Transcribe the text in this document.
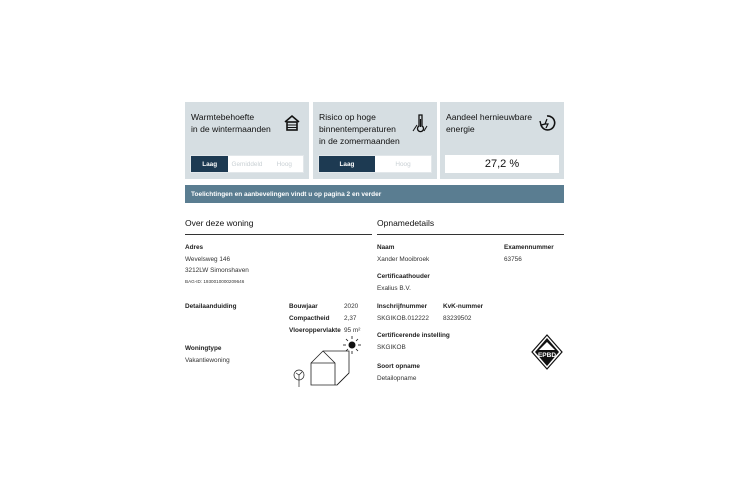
Warmtebehoefte
in de wintermaanden
Laag	Gemiddeld	Hoog
Risico op hoge
binnentemperaturen
in de zomermaanden
Laag	Hoog
Aandeel hernieuwbare
energie
27,2 %
Toelichtingen en aanbevelingen vindt u op pagina 2 en verder
Over deze woning
Adres
Wevelsweg 146
3212LW Simonshaven
BAG-ID: 1930010000209646
Detailaanduiding	Bouwjaar	2020
Compactheid 2,37
Vloeroppervlakte 95 m²
Woningtype
Vakantiewoning
Opnamedetails
Naam
Xander Mooibroek
Examennummer
63756
Certificaathouder
Exalius B.V.
Inschrijfnummer
SKGIKOB.012222
KvK-nummer
83239502
Certificerende instelling
SKGIKOB
Soort opname
Detailopname
EPBD
